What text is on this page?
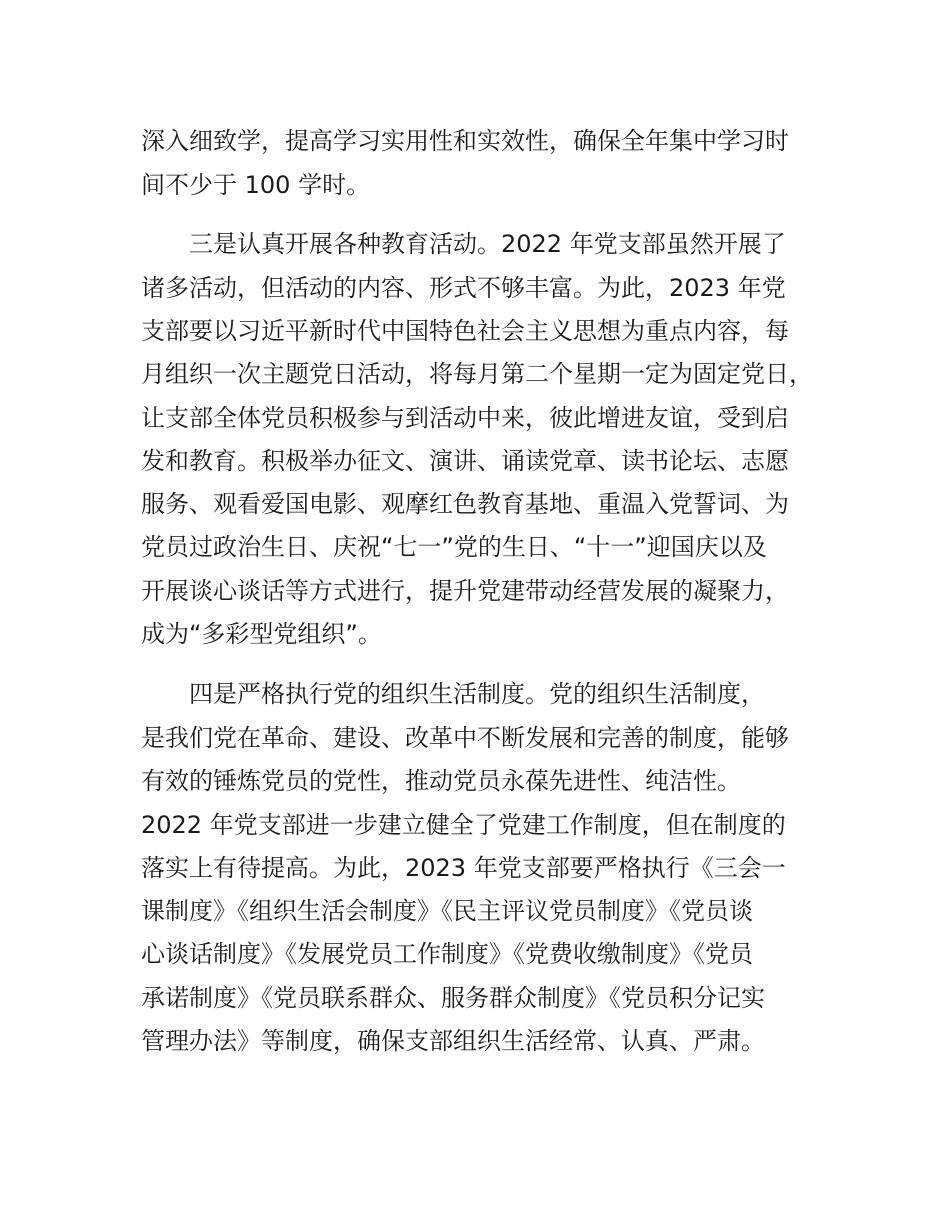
深入细致学，提高学习实用性和实效性，确保全年集中学习时
间不少于 100 学时。
三是认真开展各种教育活动。2022 年党支部虽然开展了
诸多活动，但活动的内容、形式不够丰富。为此，2023 年党
支部要以习近平新时代中国特色社会主义思想为重点内容，每
月组织一次主题党日活动，将每月第二个星期一定为固定党日，
让支部全体党员积极参与到活动中来，彼此增进友谊，受到启
发和教育。积极举办征文、演讲、诵读党章、读书论坛、志愿
服务、观看爱国电影、观摩红色教育基地、重温入党誓词、为
党员过政治生日、庆祝“七一”党的生日、“十一”迎国庆以及
开展谈心谈话等方式进行，提升党建带动经营发展的凝聚力，
成为“多彩型党组织”。
四是严格执行党的组织生活制度。党的组织生活制度，
是我们党在革命、建设、改革中不断发展和完善的制度，能够
有效的锤炼党员的党性，推动党员永葆先进性、纯洁性。
2022 年党支部进一步建立健全了党建工作制度，但在制度的
落实上有待提高。为此，2023 年党支部要严格执行《三会一
课制度》《组织生活会制度》《民主评议党员制度》《党员谈
心谈话制度》《发展党员工作制度》《党费收缴制度》《党员
承诺制度》《党员联系群众、服务群众制度》《党员积分记实
管理办法》等制度，确保支部组织生活经常、认真、严肃。
